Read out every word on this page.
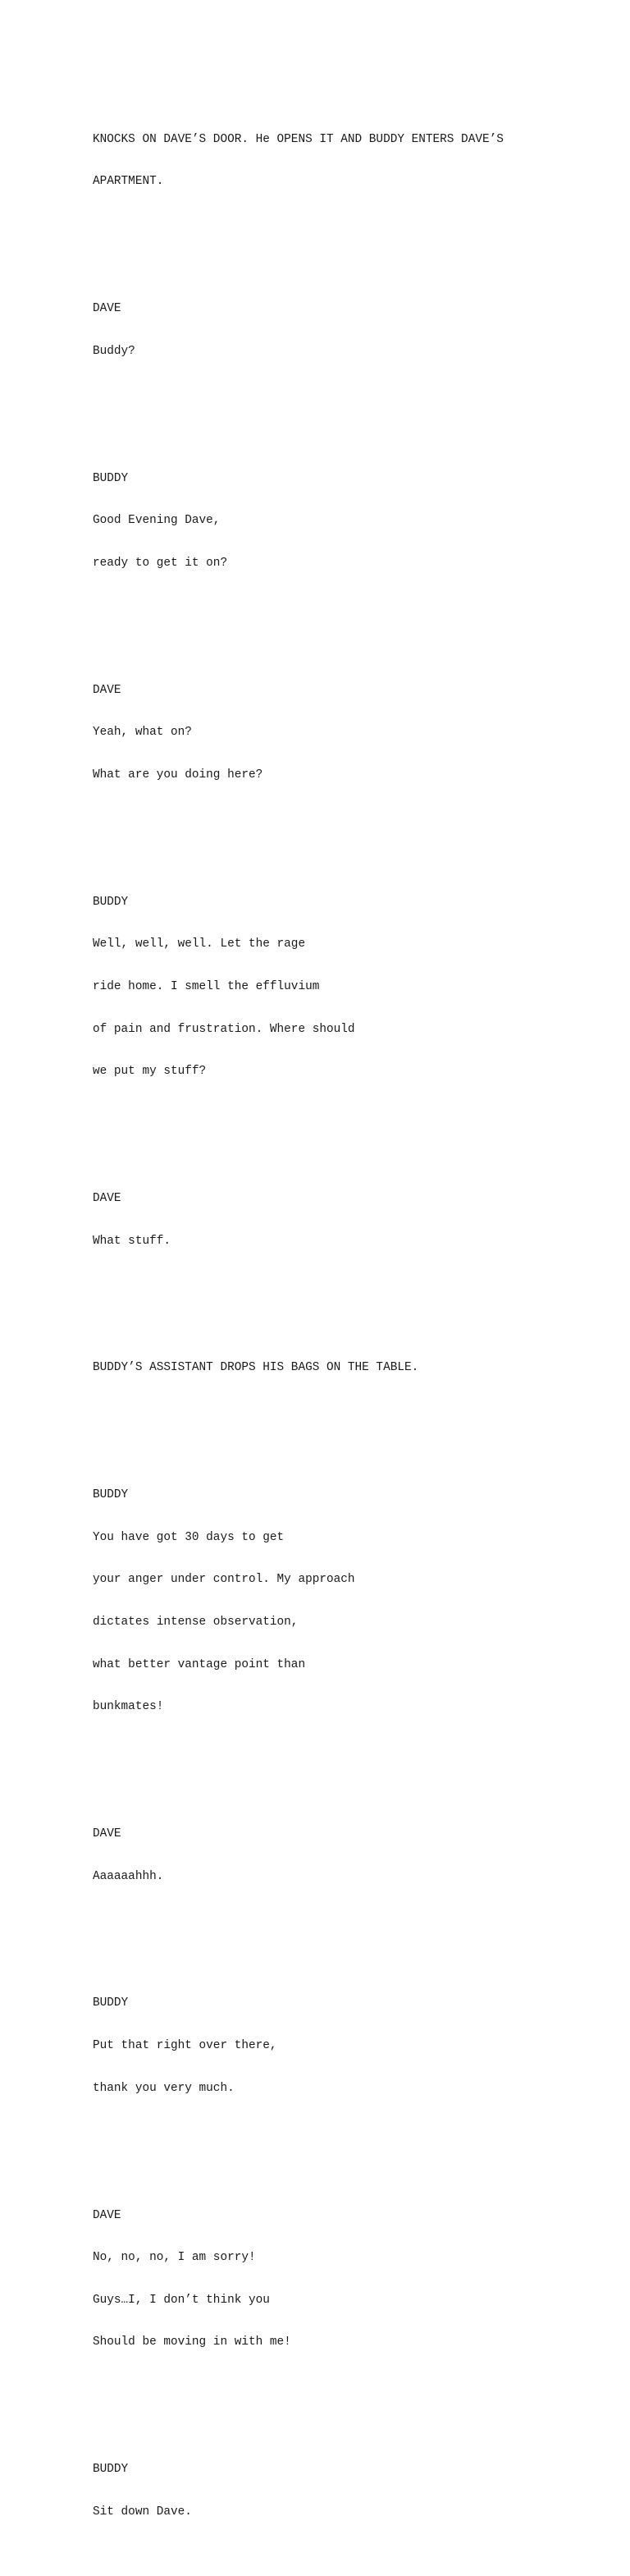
KNOCKS ON DAVE’S DOOR. He OPENS IT AND BUDDY ENTERS DAVE’S

APARTMENT.

DAVE

Buddy?

BUDDY

Good Evening Dave,

ready to get it on?

DAVE

Yeah, what on?

What are you doing here?

BUDDY

Well, well, well. Let the rage

ride home. I smell the effluvium

of pain and frustration. Where should

we put my stuff?

DAVE

What stuff.

BUDDY’S ASSISTANT DROPS HIS BAGS ON THE TABLE.

BUDDY

You have got 30 days to get

your anger under control. My approach

dictates intense observation,

what better vantage point than

bunkmates!

DAVE

Aaaaaahhh.

BUDDY

Put that right over there,

thank you very much.

DAVE

No, no, no, I am sorry!

Guys…I, I don’t think you

Should be moving in with me!

BUDDY

Sit down Dave.
